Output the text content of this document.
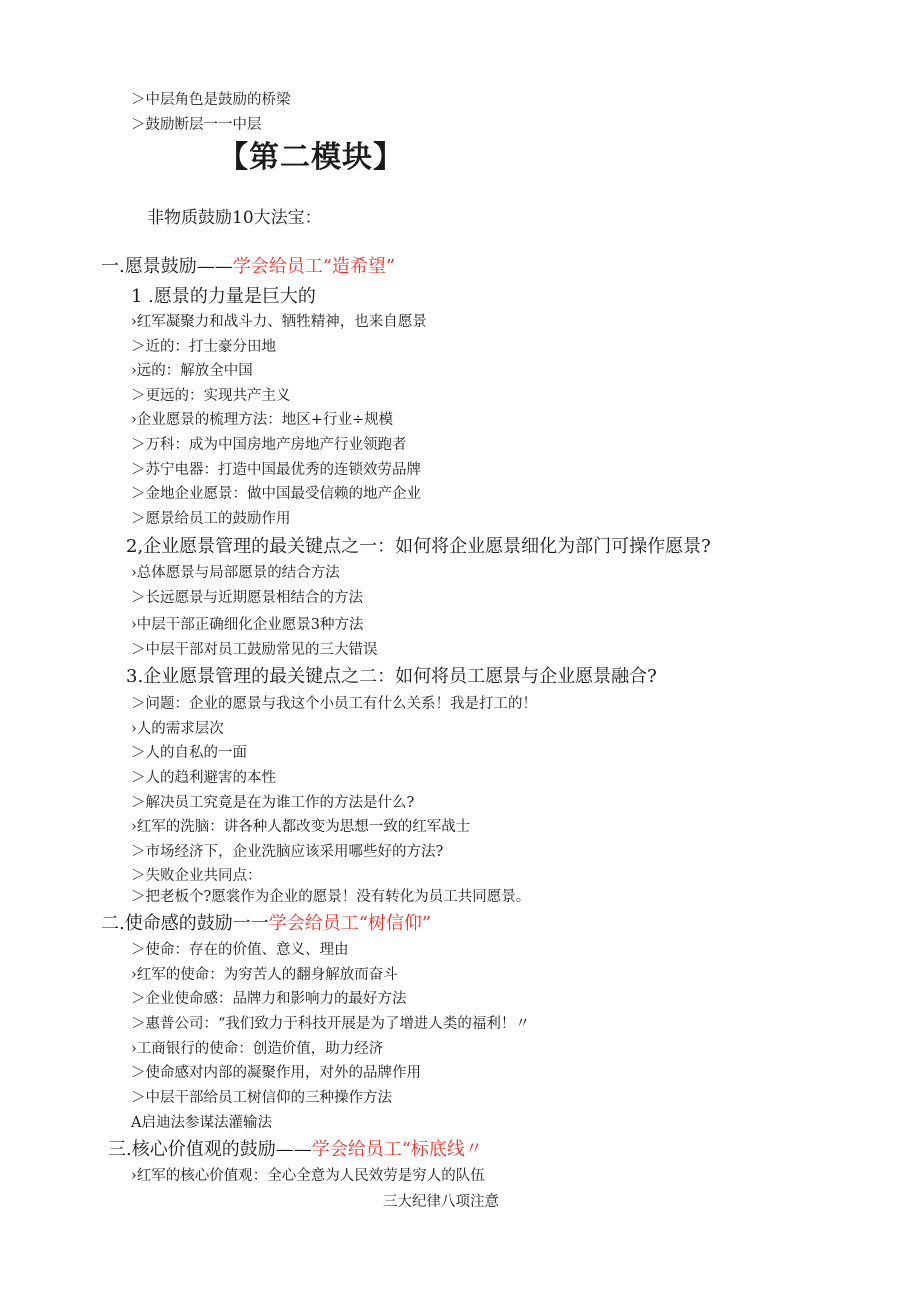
＞中层角色是鼓励的桥梁
＞鼓励断层一一中层
【第二模块】
非物质鼓励10大法宝：
一.愿景鼓励——学会给员工“造希望”
1 .愿景的力量是巨大的
›红军凝聚力和战斗力、牺牲精神，也来自愿景
＞近的：打士豪分田地
›远的：解放全中国
＞更远的：实现共产主义
›企业愿景的梳理方法：地区+行业÷规模
＞万科：成为中国房地产房地产行业领跑者
＞苏宁电器：打造中国最优秀的连锁效劳品牌
＞金地企业愿景：做中国最受信赖的地产企业
＞愿景给员工的鼓励作用
2,企业愿景管理的最关键点之一：如何将企业愿景细化为部门可操作愿景?
›总体愿景与局部愿景的结合方法
＞长远愿景与近期愿景相结合的方法
›中层干部正确细化企业愿景3种方法
＞中层干部对员工鼓励常见的三大错误
3.企业愿景管理的最关键点之二：如何将员工愿景与企业愿景融合?
＞问题：企业的愿景与我这个小员工有什么关系！我是打工的！
›人的需求层次
＞人的自私的一面
＞人的趋利避害的本性
＞解决员工究竟是在为谁工作的方法是什么?
›红军的洗脑：讲各种人都改变为思想一致的红军战士
＞市场经济下，企业洗脑应该采用哪些好的方法?
＞失败企业共同点：
＞把老板个?愿裳作为企业的愿景！没有转化为员工共同愿景。
二.使命感的鼓励一一学会给员工“树信仰”
＞使命：存在的价值、意义、理由
›红军的使命：为穷苦人的翻身解放而奋斗
＞企业使命感：品牌力和影响力的最好方法
＞惠普公司：“我们致力于科技开展是为了增进人类的福利！〃
›工商银行的使命：创造价值，助力经济
＞使命感对内部的凝聚作用，对外的品牌作用
＞中层干部给员工树信仰的三种操作方法
A启迪法参谋法灌输法
三.核心价值观的鼓励——学会给员工“标底线〃
›红军的核心价值观：全心全意为人民效劳是穷人的队伍
三大纪律八项注意
